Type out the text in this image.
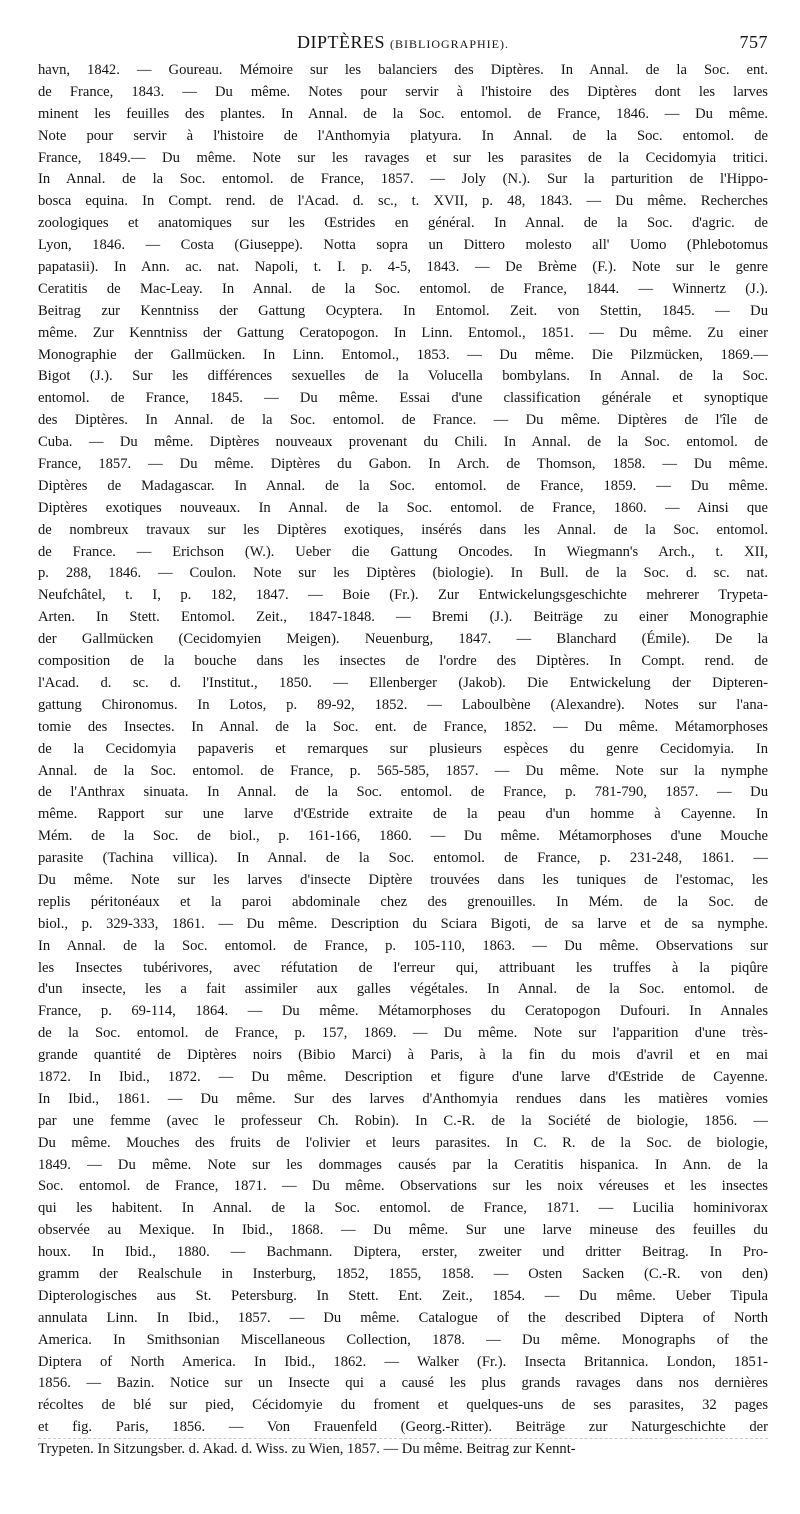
DIPTÈRES (BIBLIOGRAPHIE).	757
havn, 1842. — Goureau. Mémoire sur les balanciers des Diptères. In Annal. de la Soc. ent.
de France, 1843. — Du même. Notes pour servir à l'histoire des Diptères dont les larves
minent les feuilles des plantes. In Annal. de la Soc. entomol. de France, 1846. — Du même.
Note pour servir à l'histoire de l'Anthomyia platyura. In Annal. de la Soc. entomol. de
France, 1849.— Du même. Note sur les ravages et sur les parasites de la Cecidomyia tritici.
In Annal. de la Soc. entomol. de France, 1857. — Joly (N.). Sur la parturition de l'Hippo-
bosca equina. In Compt. rend. de l'Acad. d. sc., t. XVII, p. 48, 1843. — Du même. Recherches
zoologiques et anatomiques sur les Œstrides en général. In Annal. de la Soc. d'agric. de
Lyon, 1846. — Costa (Giuseppe). Notta sopra un Dittero molesto all' Uomo (Phlebotomus
papatasii). In Ann. ac. nat. Napoli, t. I. p. 4-5, 1843. — De Brème (F.). Note sur le genre
Ceratitis de Mac-Leay. In Annal. de la Soc. entomol. de France, 1844. — Winnertz (J.).
Beitrag zur Kenntniss der Gattung Ocyptera. In Entomol. Zeit. von Stettin, 1845. — Du
même. Zur Kenntniss der Gattung Ceratopogon. In Linn. Entomol., 1851. — Du même. Zu einer
Monographie der Gallmücken. In Linn. Entomol., 1853. — Du même. Die Pilzmücken, 1869.—
Bigot (J.). Sur les différences sexuelles de la Volucella bombylans. In Annal. de la Soc.
entomol. de France, 1845. — Du même. Essai d'une classification générale et synoptique
des Diptères. In Annal. de la Soc. entomol. de France. — Du même. Diptères de l'île de
Cuba. — Du même. Diptères nouveaux provenant du Chili. In Annal. de la Soc. entomol. de
France, 1857. — Du même. Diptères du Gabon. In Arch. de Thomson, 1858. — Du même.
Diptères de Madagascar. In Annal. de la Soc. entomol. de France, 1859. — Du même.
Diptères exotiques nouveaux. In Annal. de la Soc. entomol. de France, 1860. — Ainsi que
de nombreux travaux sur les Diptères exotiques, insérés dans les Annal. de la Soc. entomol.
de France. — Erichson (W.). Ueber die Gattung Oncodes. In Wiegmann's Arch., t. XII,
p. 288, 1846. — Coulon. Note sur les Diptères (biologie). In Bull. de la Soc. d. sc. nat.
Neufchâtel, t. I, p. 182, 1847. — Boie (Fr.). Zur Entwickelungsgeschichte mehrerer Trypeta-
Arten. In Stett. Entomol. Zeit., 1847-1848. — Bremi (J.). Beiträge zu einer Monographie
der Gallmücken (Cecidomyien Meigen). Neuenburg, 1847. — Blanchard (Émile). De la
composition de la bouche dans les insectes de l'ordre des Diptères. In Compt. rend. de
l'Acad. d. sc. d. l'Institut., 1850. — Ellenberger (Jakob). Die Entwickelung der Dipteren-
gattung Chironomus. In Lotos, p. 89-92, 1852. — Laboulbène (Alexandre). Notes sur l'ana-
tomie des Insectes. In Annal. de la Soc. ent. de France, 1852. — Du même. Métamorphoses
de la Cecidomyia papaveris et remarques sur plusieurs espèces du genre Cecidomyia. In
Annal. de la Soc. entomol. de France, p. 565-585, 1857. — Du même. Note sur la nymphe
de l'Anthrax sinuata. In Annal. de la Soc. entomol. de France, p. 781-790, 1857. — Du
même. Rapport sur une larve d'Œstride extraite de la peau d'un homme à Cayenne. In
Mém. de la Soc. de biol., p. 161-166, 1860. — Du même. Métamorphoses d'une Mouche
parasite (Tachina villica). In Annal. de la Soc. entomol. de France, p. 231-248, 1861. —
Du même. Note sur les larves d'insecte Diptère trouvées dans les tuniques de l'estomac, les
replis péritonéaux et la paroi abdominale chez des grenouilles. In Mém. de la Soc. de
biol., p. 329-333, 1861. — Du même. Description du Sciara Bigoti, de sa larve et de sa nymphe.
In Annal. de la Soc. entomol. de France, p. 105-110, 1863. — Du même. Observations sur
les Insectes tubérivores, avec réfutation de l'erreur qui, attribuant les truffes à la piqûre
d'un insecte, les a fait assimiler aux galles végétales. In Annal. de la Soc. entomol. de
France, p. 69-114, 1864. — Du même. Métamorphoses du Ceratopogon Dufouri. In Annales
de la Soc. entomol. de France, p. 157, 1869. — Du même. Note sur l'apparition d'une très-
grande quantité de Diptères noirs (Bibio Marci) à Paris, à la fin du mois d'avril et en mai
1872. In Ibid., 1872. — Du même. Description et figure d'une larve d'Œstride de Cayenne.
In Ibid., 1861. — Du même. Sur des larves d'Anthomyia rendues dans les matières vomies
par une femme (avec le professeur Ch. Robin). In C.-R. de la Société de biologie, 1856. —
Du même. Mouches des fruits de l'olivier et leurs parasites. In C. R. de la Soc. de biologie,
1849. — Du même. Note sur les dommages causés par la Ceratitis hispanica. In Ann. de la
Soc. entomol. de France, 1871. — Du même. Observations sur les noix véreuses et les insectes
qui les habitent. In Annal. de la Soc. entomol. de France, 1871. — Lucilia hominivorax
observée au Mexique. In Ibid., 1868. — Du même. Sur une larve mineuse des feuilles du
houx. In Ibid., 1880. — Bachmann. Diptera, erster, zweiter und dritter Beitrag. In Pro-
gramm der Realschule in Insterburg, 1852, 1855, 1858. — Osten Sacken (C.-R. von den)
Dipterologisches aus St. Petersburg. In Stett. Ent. Zeit., 1854. — Du même. Ueber Tipula
annulata Linn. In Ibid., 1857. — Du même. Catalogue of the described Diptera of North
America. In Smithsonian Miscellaneous Collection, 1878. — Du même. Monographs of the
Diptera of North America. In Ibid., 1862. — Walker (Fr.). Insecta Britannica. London, 1851-
1856. — Bazin. Notice sur un Insecte qui a causé les plus grands ravages dans nos dernières
récoltes de blé sur pied, Cécidomyie du froment et quelques-uns de ses parasites, 32 pages
et fig. Paris, 1856. — Von Frauenfeld (Georg.-Ritter). Beiträge zur Naturgeschichte der
Trypeten. In Sitzungsber. d. Akad. d. Wiss. zu Wien, 1857. — Du même. Beitrag zur Kennt-
